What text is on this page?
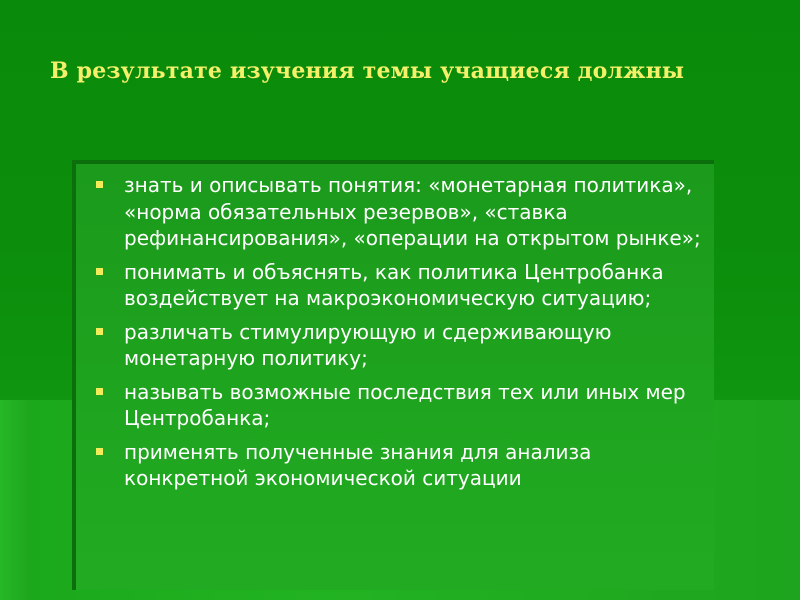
В результате изучения темы учащиеся должны
знать и описывать понятия: «монетарная политика», «норма обязательных резервов», «ставка рефинансирования», «операции на открытом рынке»;
понимать и объяснять, как политика Центробанка воздействует на макроэкономическую ситуацию;
различать стимулирующую и сдерживающую монетарную политику;
называть возможные последствия тех или иных мер Центробанка;
применять полученные знания для анализа конкретной экономической ситуации
